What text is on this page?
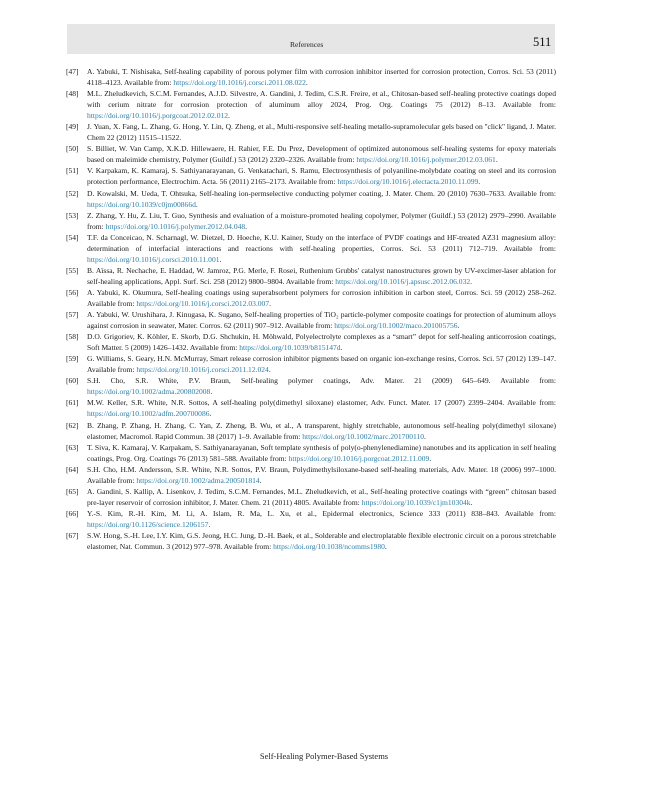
References	511
[47]	A. Yabuki, T. Nishisaka, Self-healing capability of porous polymer film with corrosion inhibitor inserted for corrosion protection, Corros. Sci. 53 (2011) 4118–4123. Available from: https://doi.org/10.1016/j.corsci.2011.08.022.
[48]	M.L. Zheludkevich, S.C.M. Fernandes, A.J.D. Silvestre, A. Gandini, J. Tedim, C.S.R. Freire, et al., Chitosan-based self-healing protective coatings doped with cerium nitrate for corrosion protection of aluminum alloy 2024, Prog. Org. Coatings 75 (2012) 8–13. Available from: https://doi.org/10.1016/j.porgcoat.2012.02.012.
[49]	J. Yuan, X. Fang, L. Zhang, G. Hong, Y. Lin, Q. Zheng, et al., Multi-responsive self-healing metallo-supramolecular gels based on ''click'' ligand, J. Mater. Chem 22 (2012) 11515–11522.
[50]	S. Billiet, W. Van Camp, X.K.D. Hillewaere, H. Rahier, F.E. Du Prez, Development of optimized autonomous self-healing systems for epoxy materials based on maleimide chemistry, Polymer (Guildf.) 53 (2012) 2320–2326. Available from: https://doi.org/10.1016/j.polymer.2012.03.061.
[51]	V. Karpakam, K. Kamaraj, S. Sathiyanarayanan, G. Venkatachari, S. Ramu, Electrosynthesis of polyaniline-molybdate coating on steel and its corrosion protection performance, Electrochim. Acta. 56 (2011) 2165–2173. Available from: https://doi.org/10.1016/j.electacta.2010.11.099.
[52]	D. Kowalski, M. Ueda, T. Ohtsuka, Self-healing ion-permselective conducting polymer coating, J. Mater. Chem. 20 (2010) 7630–7633. Available from: https://doi.org/10.1039/c0jm00866d.
[53]	Z. Zhang, Y. Hu, Z. Liu, T. Guo, Synthesis and evaluation of a moisture-promoted healing copolymer, Polymer (Guildf.) 53 (2012) 2979–2990. Available from: https://doi.org/10.1016/j.polymer.2012.04.048.
[54]	T.F. da Conceicao, N. Scharnagl, W. Dietzel, D. Hoeche, K.U. Kainer, Study on the interface of PVDF coatings and HF-treated AZ31 magnesium alloy: determination of interfacial interactions and reactions with self-healing properties, Corros. Sci. 53 (2011) 712–719. Available from: https://doi.org/10.1016/j.corsci.2010.11.001.
[55]	B. Aïssa, R. Nechache, E. Haddad, W. Jamroz, P.G. Merle, F. Rosei, Ruthenium Grubbs' catalyst nanostructures grown by UV-excimer-laser ablation for self-healing applications, Appl. Surf. Sci. 258 (2012) 9800–9804. Available from: https://doi.org/10.1016/j.apsusc.2012.06.032.
[56]	A. Yabuki, K. Okumura, Self-healing coatings using superabsorbent polymers for corrosion inhibition in carbon steel, Corros. Sci. 59 (2012) 258–262. Available from: https://doi.org/10.1016/j.corsci.2012.03.007.
[57]	A. Yabuki, W. Urushihara, J. Kinugasa, K. Sugano, Self-healing properties of TiO₂ particle-polymer composite coatings for protection of aluminum alloys against corrosion in seawater, Mater. Corros. 62 (2011) 907–912. Available from: https://doi.org/10.1002/maco.201005756.
[58]	D.O. Grigoriev, K. Köhler, E. Skorb, D.G. Shchukin, H. Möhwald, Polyelectrolyte complexes as a “smart” depot for self-healing anticorrosion coatings, Soft Matter. 5 (2009) 1426–1432. Available from: https://doi.org/10.1039/b815147d.
[59]	G. Williams, S. Geary, H.N. McMurray, Smart release corrosion inhibitor pigments based on organic ion-exchange resins, Corros. Sci. 57 (2012) 139–147. Available from: https://doi.org/10.1016/j.corsci.2011.12.024.
[60]	S.H. Cho, S.R. White, P.V. Braun, Self-healing polymer coatings, Adv. Mater. 21 (2009) 645–649. Available from: https://doi.org/10.1002/adma.200802008.
[61]	M.W. Keller, S.R. White, N.R. Sottos, A self-healing poly(dimethyl siloxane) elastomer, Adv. Funct. Mater. 17 (2007) 2399–2404. Available from: https://doi.org/10.1002/adfm.200700086.
[62]	B. Zhang, P. Zhang, H. Zhang, C. Yan, Z. Zheng, B. Wu, et al., A transparent, highly stretchable, autonomous self-healing poly(dimethyl siloxane) elastomer, Macromol. Rapid Commun. 38 (2017) 1–9. Available from: https://doi.org/10.1002/marc.201700110.
[63]	T. Siva, K. Kamaraj, V. Karpakam, S. Sathiyanarayanan, Soft template synthesis of poly(o-phenylenediamine) nanotubes and its application in self healing coatings, Prog. Org. Coatings 76 (2013) 581–588. Available from: https://doi.org/10.1016/j.porgcoat.2012.11.009.
[64]	S.H. Cho, H.M. Andersson, S.R. White, N.R. Sottos, P.V. Braun, Polydimethylsiloxane-based self-healing materials, Adv. Mater. 18 (2006) 997–1000. Available from: https://doi.org/10.1002/adma.200501814.
[65]	A. Gandini, S. Kallip, A. Lisenkov, J. Tedim, S.C.M. Fernandes, M.L. Zheludkevich, et al., Self-healing protective coatings with “green” chitosan based pre-layer reservoir of corrosion inhibitor, J. Mater. Chem. 21 (2011) 4805. Available from: https://doi.org/10.1039/c1jm10304k.
[66]	Y.-S. Kim, R.-H. Kim, M. Li, A. Islam, R. Ma, L. Xu, et al., Epidermal electronics, Science 333 (2011) 838–843. Available from: https://doi.org/10.1126/science.1206157.
[67]	S.W. Hong, S.-H. Lee, I.Y. Kim, G.S. Jeong, H.C. Jung, D.-H. Baek, et al., Solderable and electroplatable flexible electronic circuit on a porous stretchable elastomer, Nat. Commun. 3 (2012) 977–978. Available from: https://doi.org/10.1038/ncomms1980.
Self-Healing Polymer-Based Systems
